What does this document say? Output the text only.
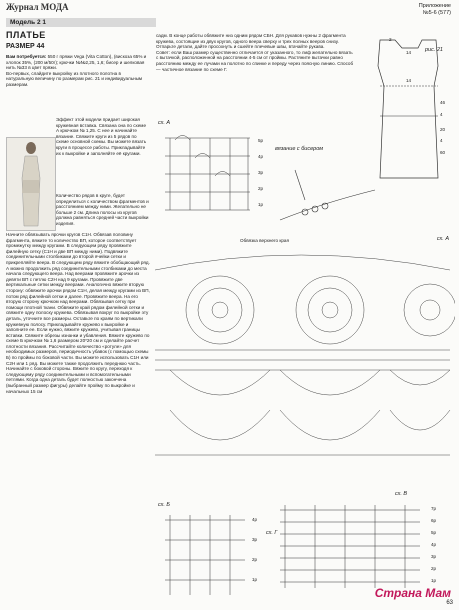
Журнал МОДА
Модель 2 1
Приложение
№5-6 (577)
ПЛАТЬЕ
РАЗМЕР 44
Вам потребуется: 550 г пряжи Vega (Vita Cotton), (вискоза 65% и хлопок 35%, (200 м/50г); крючки №№2,25, 1,6; бисер и шелковая нить №33 в цвет пряжи.
Во-первых, слайдите выкройку из плотного полотна в натуральную величину по размерам рис. 21 и индивидуальным размерам.
Эффект этой модели придает широкая кружевная вставка. Связана она по схеме А крючком № 1,25. С нее и начинайте вязание. Свяжите круги из 5 рядов по схеме основной схемы. Вы можете вязать круги в процессе работы. Прикладывайте их к выкройке и заполняйте её кругами.
Количество рядов в круге, будет определиться с количеством фрагментов и расстоянием между ними. Желательно не больше 2 см. Длина полосы из кругов должна равняться средней части выкройки изделия.
Начните обвязывать ярочки кругов С1Н. Обвязав половину фрагмента, вяжите то количество ВП, которое соответствует промежутку между кругами. В следующем ряду провяжите филейную сетку (С1Н и две ВП между ними). Подвяжите соединительными столбиками до второй ячейки сетки и прикрепляйте веера. В следующем ряду вяжите обобщающий ряд. А можно продолжить ряд соединительными столбиками до места начала следующего веера. Над веерами провяжите арочки из девяти ВП с петлю С2Н над 9 кругами. Провяжите две вертикальные сетки между веерами. Аналогично вяжите вторую сторону: обвяжите арочки рядом С1Н, делая между кругами из ВП, потом ряд филейной сетки и далее. Провяжите веера. На его вторую сторону крючком над веерами. Обвязывая сетку при помощи плотной ткани. Обвяжите край рядом филейной сетки и свяжите одну полоску кружева. Обвязывая вокруг по выкройке эту деталь, уточните все размеры. Оставьте по краям по вертикали кружевную полосу. Прикладывайте кружево к выкройке и заполните ее. Если нужно, вяжите кружево, учитывая границы вставки. Свяжите обрезы изнанки и убавления. Вяжите кружево по схеме Б крючком № 1,6 размером 20*20 см и сделайте расчет плотности вязания. Рассчитайте количество «ротуле» для необходимых размеров, периодичность убавок (с помощью схемы Б) по проймы по боковой части. Вы можете использовать С1Н или С2Н или 1 ряд. Вы можете также продолжить переднюю часть. Начинайте с боковой стороны. Вяжите по кругу, переходя к следующему ряду соединительными и вспомогательными петлями. Когда одна деталь будет полностью закончена (выбранный размер фигуры) делайте пройму по выкройке и начальных 15 см
садм. В конце работы обвяжите низ одним рядом СБН. Для рукавов нужны 2 фрагмента кружева, состоящие из двух кругов, одного веера сверху и трех полных вееров снизу. Отпарьте детали, дайте просохнуть и сшейте плечевые швы, втачайте рукава.
Совет: если Ваш размер существенно отличается от указанного, то лиф желательно вязать с вытачкой, расположенной на расстоянии 4-5 см от проймы. Растяните вытачки равно расстоянию между ее лучами на полотно по спинке и переду через поясную линию. Способ — частичное вязание по схеме Г.
рис. 21
2
14
14
46
4
20
4
60
сх. А
5р
4р
3р
2р
1р
вязание с бисером
сх. А
Обвязка верхнего края
сх. Б
4р
3р
2р
1р
сх. Г
сх. В
7р
6р
5р
4р
3р
2р
1р
Страна Мам
63
